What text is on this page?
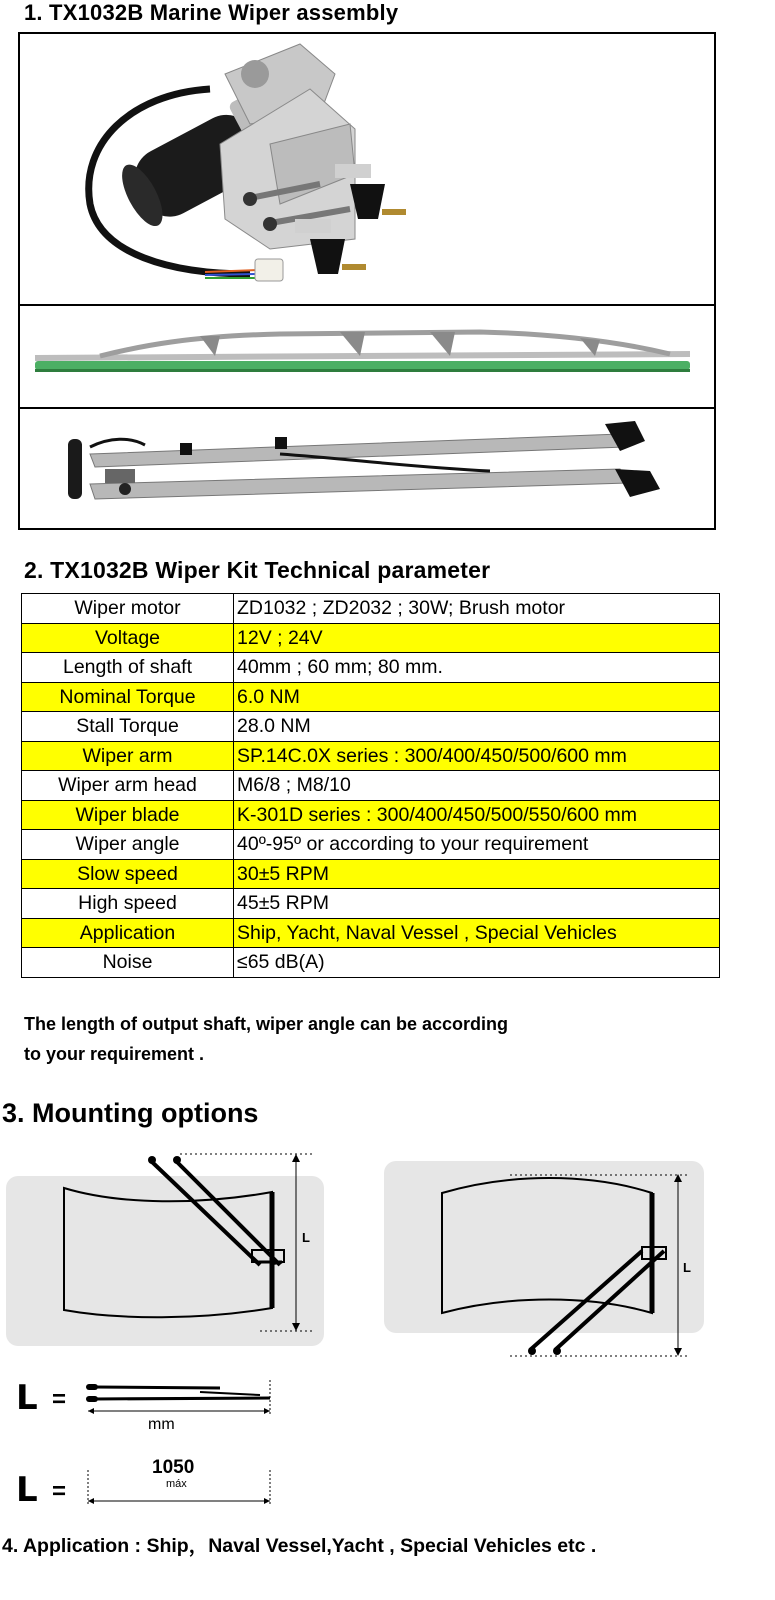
1. TX1032B Marine Wiper assembly
2. TX1032B Wiper Kit Technical parameter
Wiper motor	ZD1032 ; ZD2032 ; 30W; Brush motor
Voltage	12V ; 24V
Length of shaft	40mm ; 60 mm; 80 mm.
Nominal Torque	6.0 NM
Stall Torque	28.0 NM
Wiper arm	SP.14C.0X series : 300/400/450/500/600 mm
Wiper arm head	M6/8 ; M8/10
Wiper blade	K-301D series : 300/400/450/500/550/600 mm
Wiper angle	40º-95º or according to your requirement
Slow speed	30±5 RPM
High speed	45±5 RPM
Application	Ship, Yacht, Naval Vessel , Special Vehicles
Noise	≤65 dB(A)
The length of output shaft, wiper angle can be according
to your requirement .
3. Mounting options
L
L
L =
mm
L =
1050
máx
4. Application : Ship，Naval Vessel,Yacht , Special Vehicles etc .
